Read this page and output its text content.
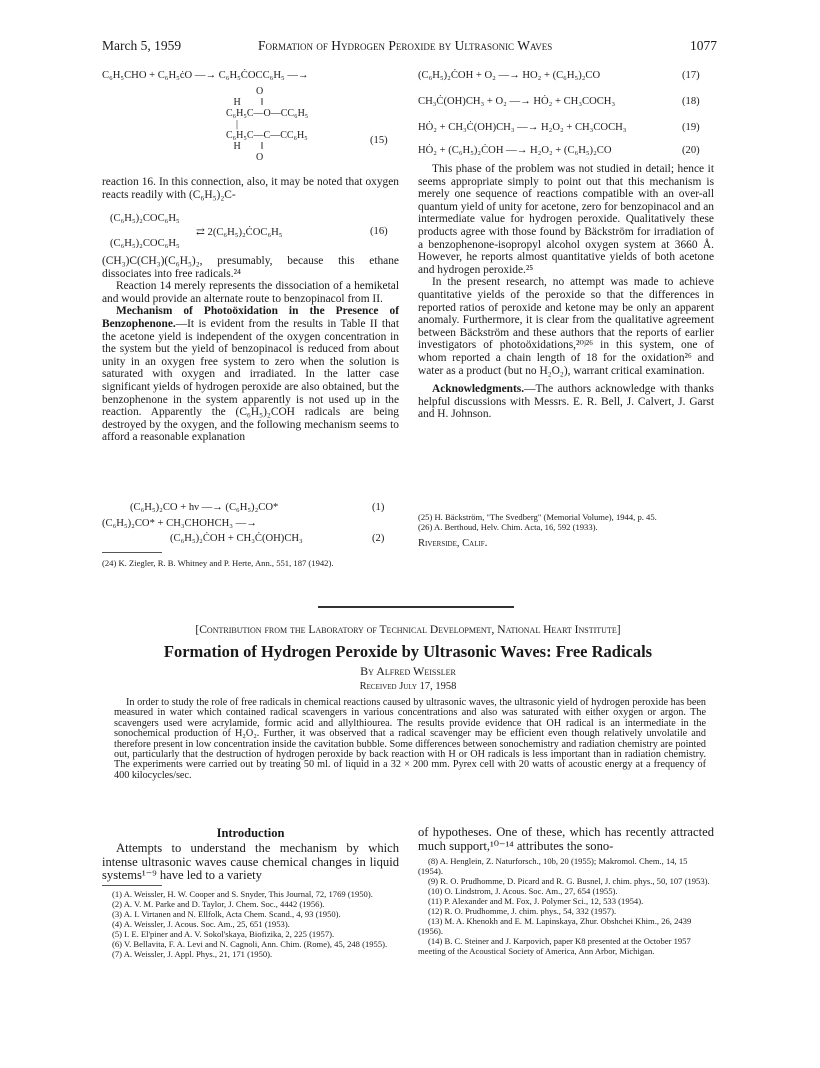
March 5, 1959	Formation of Hydrogen Peroxide by Ultrasonic Waves	1077
C₆H₅CHO + C₆H₅ċO —→ C₆H₅ĊOCC₆H₅ —→
O
H        ‖
C₆H₅C—O—CC₆H₅
|
C₆H₅C—C—CC₆H₅
H        ‖
O
(15)

reaction 16. In this connection, also, it may be noted that oxygen reacts readily with (C₆H₅)₂C-

(C₆H₅)₂COC₆H₅
(C₆H₅)₂COC₆H₅
⇄ 2(C₆H₅)₂ĊOC₆H₅	(16)

(CH₃)C(CH₃)(C₆H₅)₂, presumably, because this ethane dissociates into free radicals.²⁴

Reaction 14 merely represents the dissociation of a hemiketal and would provide an alternate route to benzopinacol from II.

Mechanism of Photoöxidation in the Presence of Benzophenone.—It is evident from the results in Table II that the acetone yield is independent of the oxygen concentration in the system but the yield of benzopinacol is reduced from about unity in an oxygen free system to zero when the solution is saturated with oxygen and irradiated. In the latter case significant yields of hydrogen peroxide are also obtained, but the benzophenone in the system apparently is not used up in the reaction. Apparently the (C₆H₅)₂COH radicals are being destroyed by the oxygen, and the following mechanism seems to afford a reasonable explanation

(C₆H₅)₂CO + hν —→ (C₆H₅)₂CO*	(1)
(C₆H₅)₂CO* + CH₃CHOHCH₃ —→
(C₆H₅)₂ĊOH + CH₃Ċ(OH)CH₃	(2)

(24) K. Ziegler, R. B. Whitney and P. Herte, Ann., 551, 187 (1942).

(C₆H₅)₂ĊOH + O₂ —→ HO₂ + (C₆H₅)₂CO	(17)
CH₃Ċ(OH)CH₃ + O₂ —→ HȮ₂ + CH₃COCH₃	(18)
HȮ₂ + CH₃Ċ(OH)CH₃ —→ H₂O₂ + CH₃COCH₃	(19)
HȮ₂ + (C₆H₅)₂ĊOH —→ H₂O₂ + (C₆H₅)₂CO	(20)

This phase of the problem was not studied in detail; hence it seems appropriate simply to point out that this mechanism is merely one sequence of reactions compatible with an over-all quantum yield of unity for acetone, zero for benzopinacol and an intermediate value for hydrogen peroxide. Qualitatively these products agree with those found by Bäckström for irradiation of a benzophenone-isopropyl alcohol oxygen system at 3660 Å. However, he reports almost quantitative yields of both acetone and hydrogen peroxide.²⁵

In the present research, no attempt was made to achieve quantitative yields of the peroxide so that the differences in reported ratios of peroxide and ketone may be only an apparent anomaly. Furthermore, it is clear from the qualitative agreement between Bäckström and these authors that the reports of earlier investigators of photoöxidations,²⁰ʲ²⁶ in this system, one of whom reported a chain length of 18 for the oxidation²⁶ and water as a product (but no H₂O₂), warrant critical examination.

Acknowledgments.—The authors acknowledge with thanks helpful discussions with Messrs. E. R. Bell, J. Calvert, J. Garst and H. Johnson.

(25) H. Bäckström, "The Svedberg" (Memorial Volume), 1944, p. 45.

(26) A. Berthoud, Helv. Chim. Acta, 16, 592 (1933).

Riverside, Calif.

[Contribution from the Laboratory of Technical Development, National Heart Institute]
Formation of Hydrogen Peroxide by Ultrasonic Waves: Free Radicals
By Alfred Weissler
Received July 17, 1958
In order to study the role of free radicals in chemical reactions caused by ultrasonic waves, the ultrasonic yield of hydrogen peroxide has been measured in water which contained radical scavengers in various concentrations and also was saturated with either oxygen or argon. The scavengers used were acrylamide, formic acid and allylthiourea. The results provide evidence that OH radical is an intermediate in the sonochemical production of H₂O₂. Further, it was observed that a radical scavenger may be efficient even though relatively unvolatile and therefore present in low concentration inside the cavitation bubble. Some differences between sonochemistry and radiation chemistry are pointed out, particularly that the destruction of hydrogen peroxide by back reaction with H or OH radicals is less important than in radiation chemistry. The experiments were carried out by treating 50 ml. of liquid in a 32 × 200 mm. Pyrex cell with 20 watts of acoustic energy at a frequency of 400 kilocycles/sec.
Introduction

Attempts to understand the mechanism by which intense ultrasonic waves cause chemical changes in liquid systems¹⁻⁹ have led to a variety

(1) A. Weissler, H. W. Cooper and S. Snyder, This Journal, 72, 1769 (1950).

(2) A. V. M. Parke and D. Taylor, J. Chem. Soc., 4442 (1956).

(3) A. I. Virtanen and N. Ellfolk, Acta Chem. Scand., 4, 93 (1950).

(4) A. Weissler, J. Acous. Soc. Am., 25, 651 (1953).

(5) I. E. El'piner and A. V. Sokol'skaya, Biofizika, 2, 225 (1957).

(6) V. Bellavita, F. A. Levi and N. Cagnoli, Ann. Chim. (Rome), 45, 248 (1955).

(7) A. Weissler, J. Appl. Phys., 21, 171 (1950).

of hypotheses. One of these, which has recently attracted much support,¹⁰⁻¹⁴ attributes the sono-

(8) A. Henglein, Z. Naturforsch., 10b, 20 (1955); Makromol. Chem., 14, 15 (1954).

(9) R. O. Prudhomme, D. Picard and R. G. Busnel, J. chim. phys., 50, 107 (1953).

(10) O. Lindstrom, J. Acous. Soc. Am., 27, 654 (1955).

(11) P. Alexander and M. Fox, J. Polymer Sci., 12, 533 (1954).

(12) R. O. Prudhomme, J. chim. phys., 54, 332 (1957).

(13) M. A. Khenokh and E. M. Lapinskaya, Zhur. Obshchei Khim., 26, 2439 (1956).

(14) B. C. Steiner and J. Karpovich, paper K8 presented at the October 1957 meeting of the Acoustical Society of America, Ann Arbor, Michigan.
